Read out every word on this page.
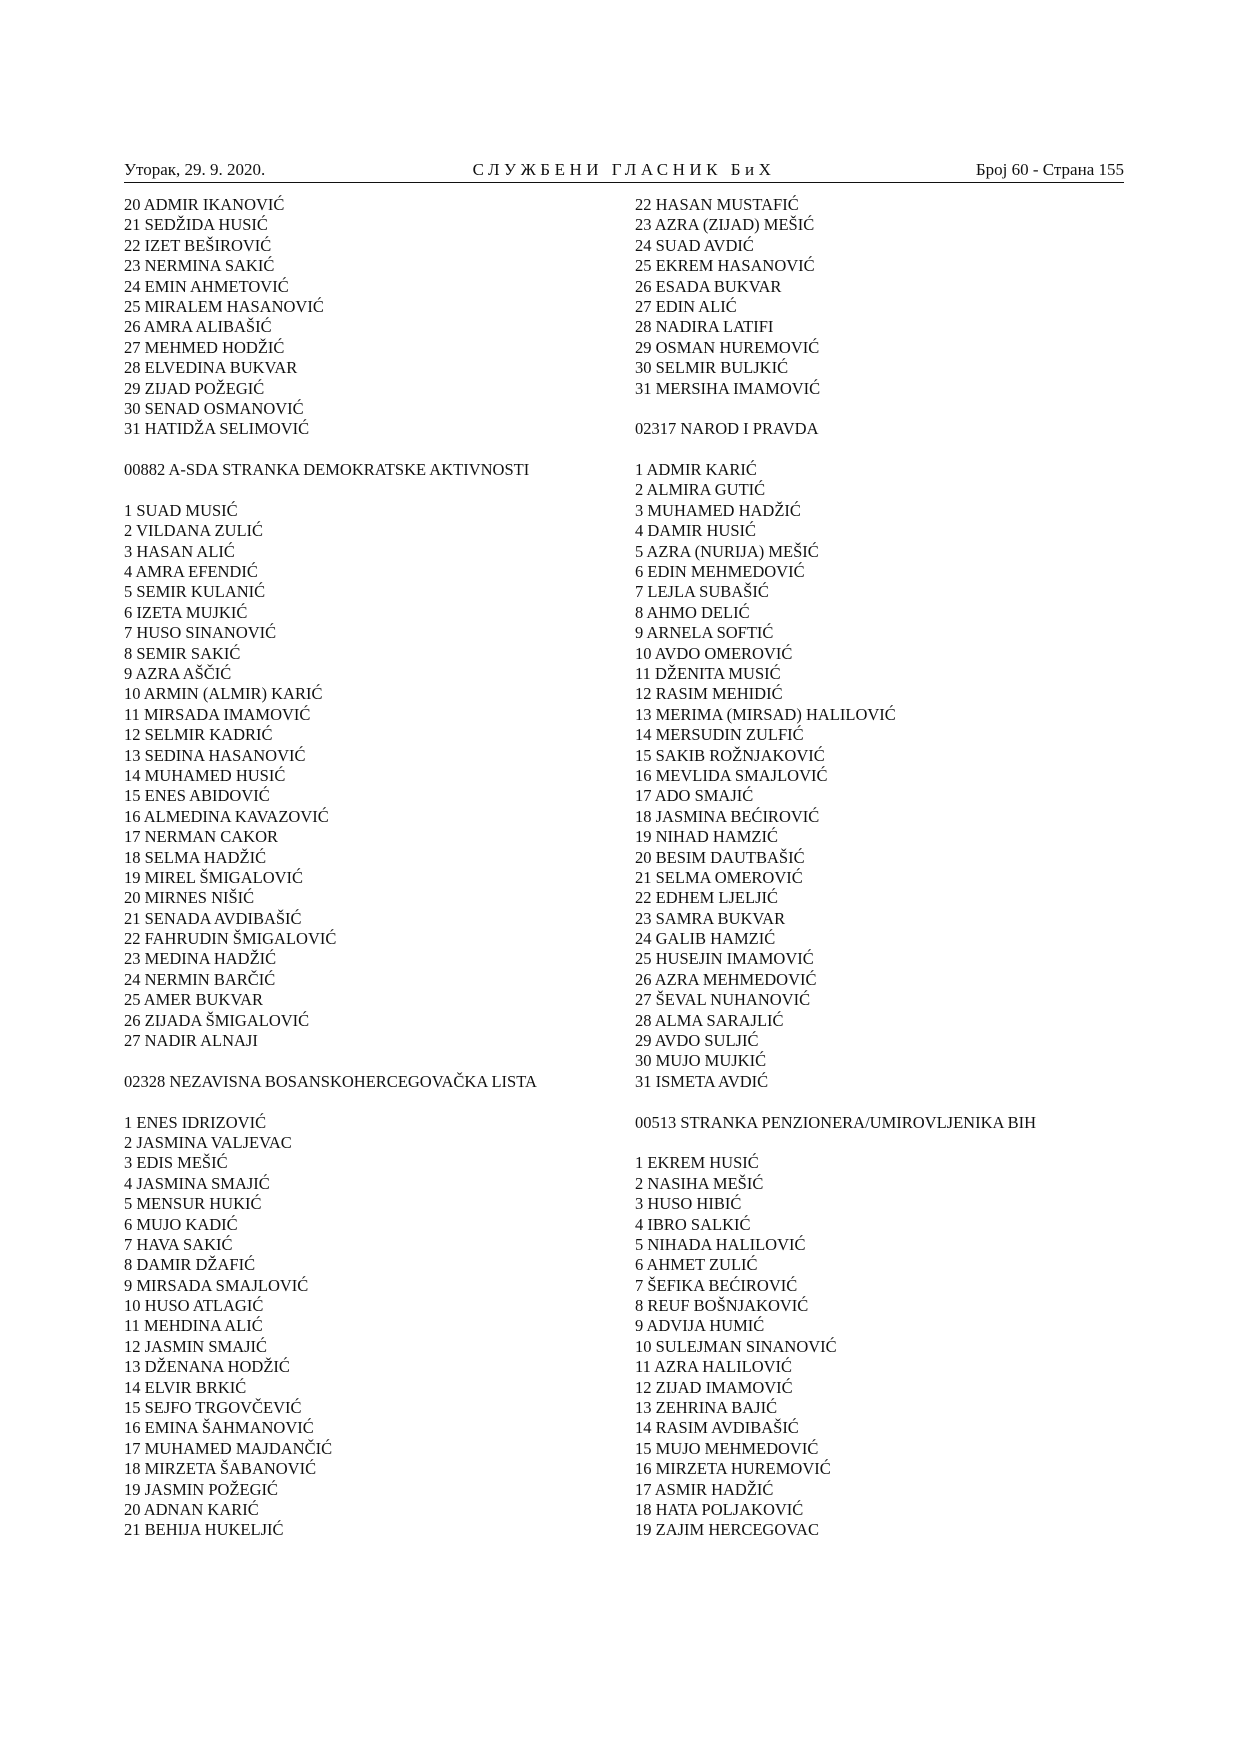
Уторак, 29. 9. 2020.	СЛУЖБЕНИ ГЛАСНИК БиХ	Број 60 - Страна 155
20 ADMIR IKANOVIĆ
21 SEDŽIDA HUSIĆ
22 IZET BEŠIROVIĆ
23 NERMINA SAKIĆ
24 EMIN AHMETOVIĆ
25 MIRALEM HASANOVIĆ
26 AMRA ALIBAŠIĆ
27 MEHMED HODŽIĆ
28 ELVEDINA BUKVAR
29 ZIJAD POŽEGIĆ
30 SENAD OSMANOVIĆ
31 HATIDŽA SELIMOVIĆ
00882 A-SDA STRANKA DEMOKRATSKE AKTIVNOSTI
1 SUAD MUSIĆ
2 VILDANA ZULIĆ
3 HASAN ALIĆ
4 AMRA EFENDIĆ
5 SEMIR KULANIĆ
6 IZETA MUJKIĆ
7 HUSO SINANOVIĆ
8 SEMIR SAKIĆ
9 AZRA AŠČIĆ
10 ARMIN (ALMIR) KARIĆ
11 MIRSADA IMAMOVIĆ
12 SELMIR KADRIĆ
13 SEDINA HASANOVIĆ
14 MUHAMED HUSIĆ
15 ENES ABIDOVIĆ
16 ALMEDINA KAVAZOVIĆ
17 NERMAN CAKOR
18 SELMA HADŽIĆ
19 MIREL ŠMIGALOVIĆ
20 MIRNES NIŠIĆ
21 SENADA AVDIBAŠIĆ
22 FAHRUDIN ŠMIGALOVIĆ
23 MEDINA HADŽIĆ
24 NERMIN BARČIĆ
25 AMER BUKVAR
26 ZIJADA ŠMIGALOVIĆ
27 NADIR ALNAJI
02328 NEZAVISNA BOSANSKOHERCEGOVAČKA LISTA
1 ENES IDRIZOVIĆ
2 JASMINA VALJEVAC
3 EDIS MEŠIĆ
4 JASMINA SMAJIĆ
5 MENSUR HUKIĆ
6 MUJO KADIĆ
7 HAVA SAKIĆ
8 DAMIR DŽAFIĆ
9 MIRSADA SMAJLOVIĆ
10 HUSO ATLAGIĆ
11 MEHDINA ALIĆ
12 JASMIN SMAJIĆ
13 DŽENANA HODŽIĆ
14 ELVIR BRKIĆ
15 SEJFO TRGOVČEVIĆ
16 EMINA ŠAHMANOVIĆ
17 MUHAMED MAJDANČIĆ
18 MIRZETA ŠABANOVIĆ
19 JASMIN POŽEGIĆ
20 ADNAN KARIĆ
21 BEHIJA HUKELJIĆ
22 HASAN MUSTAFIĆ
23 AZRA (ZIJAD) MEŠIĆ
24 SUAD AVDIĆ
25 EKREM HASANOVIĆ
26 ESADA BUKVAR
27 EDIN ALIĆ
28 NADIRA LATIFI
29 OSMAN HUREMOVIĆ
30 SELMIR BULJKIĆ
31 MERSIHA IMAMOVIĆ
02317 NAROD I PRAVDA
1 ADMIR KARIĆ
2 ALMIRA GUTIĆ
3 MUHAMED HADŽIĆ
4 DAMIR HUSIĆ
5 AZRA (NURIJA) MEŠIĆ
6 EDIN MEHMEDOVIĆ
7 LEJLA SUBAŠIĆ
8 AHMO DELIĆ
9 ARNELA SOFTIĆ
10 AVDO OMEROVIĆ
11 DŽENITA MUSIĆ
12 RASIM MEHIDIĆ
13 MERIMA (MIRSAD) HALILOVIĆ
14 MERSUDIN ZULFIĆ
15 SAKIB ROŽNJAKOVIĆ
16 MEVLIDA SMAJLOVIĆ
17 ADO SMAJIĆ
18 JASMINA BEĆIROVIĆ
19 NIHAD HAMZIĆ
20 BESIM DAUTBAŠIĆ
21 SELMA OMEROVIĆ
22 EDHEM LJELJIĆ
23 SAMRA BUKVAR
24 GALIB HAMZIĆ
25 HUSEJIN IMAMOVIĆ
26 AZRA MEHMEDOVIĆ
27 ŠEVAL NUHANOVIĆ
28 ALMA SARAJLIĆ
29 AVDO SULJIĆ
30 MUJO MUJKIĆ
31 ISMETA AVDIĆ
00513 STRANKA PENZIONERA/UMIROVLJENIKA BIH
1 EKREM HUSIĆ
2 NASIHA MEŠIĆ
3 HUSO HIBIĆ
4 IBRO SALKIĆ
5 NIHADA HALILOVIĆ
6 AHMET ZULIĆ
7 ŠEFIKA BEĆIROVIĆ
8 REUF BOŠNJAKOVIĆ
9 ADVIJA HUMIĆ
10 SULEJMAN SINANOVIĆ
11 AZRA HALILOVIĆ
12 ZIJAD IMAMOVIĆ
13 ZEHRINA BAJIĆ
14 RASIM AVDIBAŠIĆ
15 MUJO MEHMEDOVIĆ
16 MIRZETA HUREMOVIĆ
17 ASMIR HADŽIĆ
18 HATA POLJAKOVIĆ
19 ZAJIM HERCEGOVAC
